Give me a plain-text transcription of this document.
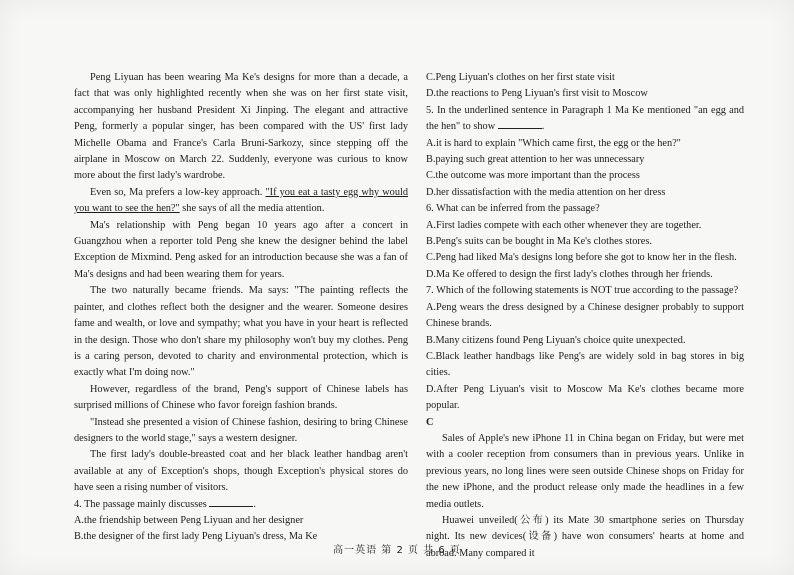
Peng Liyuan has been wearing Ma Ke's designs for more than a decade, a fact that was only highlighted recently when she was on her first state visit, accompanying her husband President Xi Jinping. The elegant and attractive Peng, formerly a popular singer, has been compared with the US' first lady Michelle Obama and France's Carla Bruni-Sarkozy, since stepping off the airplane in Moscow on March 22. Suddenly, everyone was curious to know more about the first lady's wardrobe.

Even so, Ma prefers a low-key approach. "If you eat a tasty egg why would you want to see the hen?" she says of all the media attention.

Ma's relationship with Peng began 10 years ago after a concert in Guangzhou when a reporter told Peng she knew the designer behind the label Exception de Mixmind. Peng asked for an introduction because she was a fan of Ma's designs and had been wearing them for years.

The two naturally became friends. Ma says: "The painting reflects the painter, and clothes reflect both the designer and the wearer. Someone desires fame and wealth, or love and sympathy; what you have in your heart is reflected in the design. Those who don't share my philosophy won't buy my clothes. Peng is a caring person, devoted to charity and environmental protection, which is exactly what I'm doing now."

However, regardless of the brand, Peng's support of Chinese labels has surprised millions of Chinese who favor foreign fashion brands.

"Instead she presented a vision of Chinese fashion, desiring to bring Chinese designers to the world stage," says a western designer.

The first lady's double-breasted coat and her black leather handbag aren't available at any of Exception's shops, though Exception's physical stores do have seen a rising number of visitors.

4. The passage mainly discusses	.

A.the friendship between Peng Liyuan and her designer

B.the designer of the first lady Peng Liyuan's dress, Ma Ke

C.Peng Liyuan's clothes on her first state visit

D.the reactions to Peng Liyuan's first visit to Moscow

5. In the underlined sentence in Paragraph 1 Ma Ke mentioned "an egg and the hen" to show	.

A.it is hard to explain "Which came first, the egg or the hen?"

B.paying such great attention to her was unnecessary

C.the outcome was more important than the process

D.her dissatisfaction with the media attention on her dress

6. What can be inferred from the passage?

A.First ladies compete with each other whenever they are together.

B.Peng's suits can be bought in Ma Ke's clothes stores.

C.Peng had liked Ma's designs long before she got to know her in the flesh.

D.Ma Ke offered to design the first lady's clothes through her friends.

7. Which of the following statements is NOT true according to the passage?

A.Peng wears the dress designed by a Chinese designer probably to support Chinese brands.

B.Many citizens found Peng Liyuan's choice quite unexpected.

C.Black leather handbags like Peng's are widely sold in bag stores in big cities.

D.After Peng Liyuan's visit to Moscow Ma Ke's clothes became more popular.

C

Sales of Apple's new iPhone 11 in China began on Friday, but were met with a cooler reception from consumers than in previous years. Unlike in previous years, no long lines were seen outside Chinese shops on Friday for the new iPhone, and the product release only made the headlines in a few media outlets.

Huawei unveiled(公布) its Mate 30 smartphone series on Thursday night. Its new devices(设备) have won consumers' hearts at home and abroad. Many compared it

高一英语 第 2 页 共 6 页
